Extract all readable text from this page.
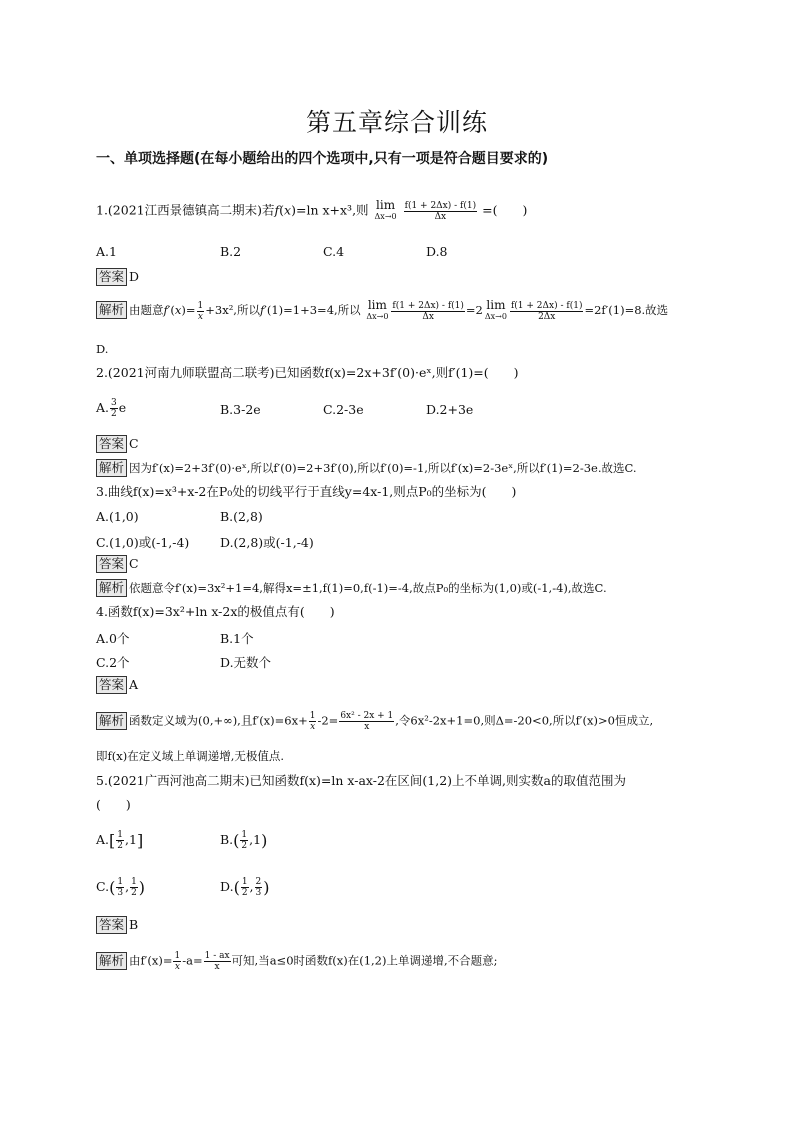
第五章综合训练
一、单项选择题(在每小题给出的四个选项中,只有一项是符合题目要求的)
1.(2021江西景德镇高二期末)若f(x)=ln x+x³,则 lim
Δx→0
$\frac{f(1 + 2\Delta x) - f(1)}{\Delta x}$ =(　　)
A.1	B.2	C.4	D.8
答案 D
解析 由题意$f'(x)= \frac{1}{x} +3x^2$,所以f′(1)=1+3=4,所以 lim
$\Delta x\to 0 \frac{f(1 + 2\Delta x) - f(1)}{\Delta x} =2$ lim
$\Delta x\to 0 \frac{f(1 + 2\Delta x) - f(1)}{2\Delta x} =2f'(1)=8$.故选
D.
2.(2021河南九师联盟高二联考)已知函数f(x)=2x+3f′(0)·eˣ,则f′(1)=(　　)
A. $\frac{3}{2}$ e	B.3-2e	C.2-3e	D.2+3e
答案 C
解析 因为f′(x)=2+3f′(0)·eˣ,所以f′(0)=2+3f′(0),所以f′(0)=-1,所以f′(x)=2-3eˣ,所以f′(1)=2-3e.故选C.
3.曲线f(x)=x³+x-2在P₀处的切线平行于直线y=4x-1,则点P₀的坐标为(　　)
A.(1,0)	B.(2,8)
C.(1,0)或(-1,-4) D.(2,8)或(-1,-4)
答案 C
解析 依题意令f′(x)=3x²+1=4,解得x=±1,f(1)=0,f(-1)=-4,故点P₀的坐标为(1,0)或(-1,-4),故选C.
4.函数f(x)=3x²+ln x-2x的极值点有(　　)
A.0个	B.1个
C.2个	D.无数个
答案 A
解析 函数定义域为(0,+∞),且$f'(x)=6x+ \frac{1}{x} -2= \frac{\text{6x² - 2x + 1}}{x}$ ,令6x²-2x+1=0,则Δ=-20<0,所以f′(x)>0恒成立,
即f(x)在定义域上单调递增,无极值点.
5.(2021广西河池高二期末)已知函数f(x)=ln x-ax-2在区间(1,2)上不单调,则实数a的取值范围为
(　　)
$A.[ \frac{1}{2} ,1]$	$B.( \frac{1}{2} ,1)$
$C.( \frac{1}{3}$ , $\frac{1}{2}$ )	$D.( \frac{1}{2}$ , $\frac{2}{3}$ )
答案 B
解析 由$f'(x)= \frac{1}{x} -a= \frac{1 - ax}{x}$ 可知,当a≤0时函数f(x)在(1,2)上单调递增,不合题意;
